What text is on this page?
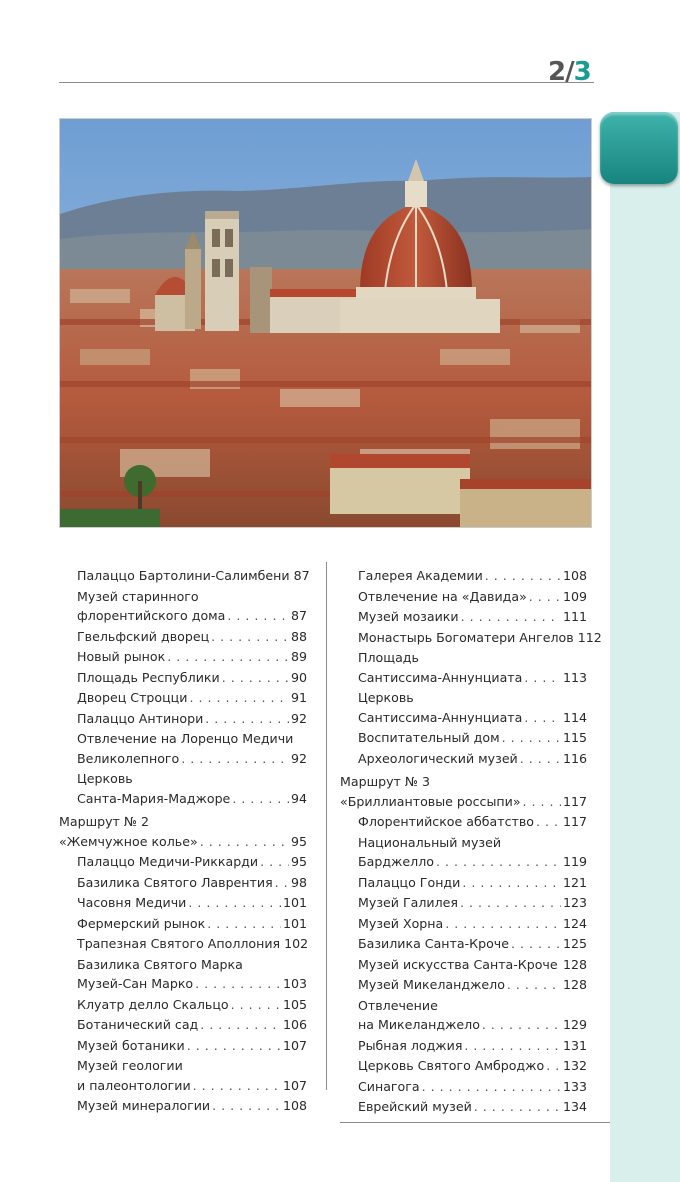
2/3
Палаццо Бартолини-Салимбени 87
Музей старинного
флорентийского дома . . .	87
Гвельфский дворец . . .	88
Новый рынок . . .	89
Площадь Республики . . .	90
Дворец Строцци . . .	91
Палаццо Антинори . . .	92
Отвлечение на Лоренцо Медичи
Великолепного . . .	92
Церковь
Санта-Мария-Маджоре . . .	94
Маршрут № 2
«Жемчужное колье» . . .	95
Палаццо Медичи-Риккарди . . .	95
Базилика Святого Лаврентия . . . 98
Часовня Медичи . . .	101
Фермерский рынок . . .	101
Трапезная Святого Аполлония 102
Базилика Святого Марка
Музей-Сан Марко . . .	103
Клуатр делло Скальцо . . .	105
Ботанический сад . . .	106
Музей ботаники . . .	107
Музей геологии
и палеонтологии . . .	107
Музей минералогии . . .	108
Галерея Академии . . .	108
Отвлечение на «Давида» . . .	109
Музей мозаики . . .	111
Монастырь Богоматери Ангелов 112
Площадь
Сантиссима-Аннунциата . . .	113
Церковь
Сантиссима-Аннунциата . . .	114
Воспитательный дом . . .	115
Археологический музей . . .	116
Маршрут № 3
«Бриллиантовые россыпи» . . .	117
Флорентийское аббатство . . . 117
Национальный музей
Барджелло . . .	119
Палаццо Гонди . . .	121
Музей Галилея . . .	123
Музей Хорна . . .	124
Базилика Санта-Кроче . . .	125
Музей искусства Санта-Кроче . . . 128
Музей Микеланджело . . .	128
Отвлечение
на Микеланджело . . .	129
Рыбная лоджия . . .	131
Церковь Святого Амброджо . . . 132
Синагога . . .	133
Еврейский музей . . .	134
